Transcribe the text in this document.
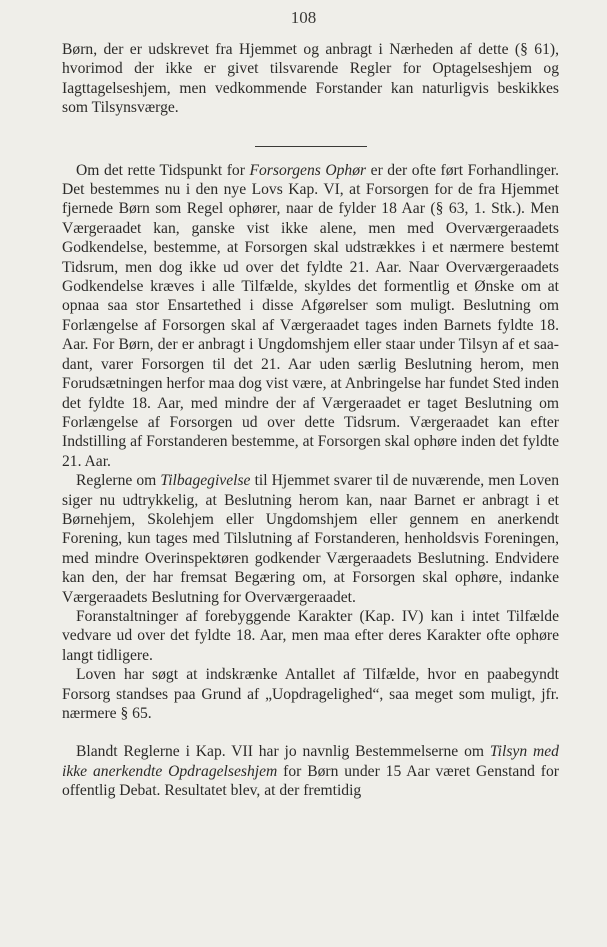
108

Børn, der er udskrevet fra Hjemmet og anbragt i Nærheden af dette (§ 61), hvorimod der ikke er givet tilsvarende Regler for Optagelseshjem og Iagttagelseshjem, men vedkommende Forstander kan naturligvis beskikkes som Tilsynsværge.

Om det rette Tidspunkt for Forsorgens Ophør er der ofte ført Forhandlinger. Det bestemmes nu i den nye Lovs Kap. VI, at Forsorgen for de fra Hjemmet fjernede Børn som Regel ophører, naar de fylder 18 Aar (§ 63, 1. Stk.). Men Værgeraadet kan, ganske vist ikke alene, men med Overværgeraadets Godkendelse, bestemme, at Forsorgen skal udstrækkes i et nærmere bestemt Tidsrum, men dog ikke ud over det fyldte 21. Aar. Naar Overværgeraadets Godkendelse kræves i alle Tilfælde, skyldes det formentlig et Ønske om at opnaa saa stor Ensartethed i disse Afgørelser som muligt. Beslutning om Forlængelse af Forsorgen skal af Værgeraadet tages inden Barnets fyldte 18. Aar. For Børn, der er anbragt i Ungdomshjem eller staar under Tilsyn af et saadant, varer Forsorgen til det 21. Aar uden særlig Beslutning herom, men Forudsætningen herfor maa dog vist være, at Anbringelse har fundet Sted inden det fyldte 18. Aar, med mindre der af Værgeraadet er taget Beslutning om Forlængelse af Forsorgen ud over dette Tidsrum. Værgeraadet kan efter Indstilling af Forstanderen bestemme, at Forsorgen skal ophøre inden det fyldte 21. Aar.

Reglerne om Tilbagegivelse til Hjemmet svarer til de nuværende, men Loven siger nu udtrykkelig, at Beslutning herom kan, naar Barnet er anbragt i et Børnehjem, Skolehjem eller Ungdomshjem eller gennem en anerkendt Forening, kun tages med Tilslutning af Forstanderen, henholdsvis Foreningen, med mindre Overinspektøren godkender Værgeraadets Beslutning. Endvidere kan den, der har fremsat Begæring om, at Forsorgen skal ophøre, indanke Værgeraadets Beslutning for Overværgeraadet.

Foranstaltninger af forebyggende Karakter (Kap. IV) kan i intet Tilfælde vedvare ud over det fyldte 18. Aar, men maa efter deres Karakter ofte ophøre langt tidligere.

Loven har søgt at indskrænke Antallet af Tilfælde, hvor en paabegyndt Forsorg standses paa Grund af „Uopdragelighed“, saa meget som muligt, jfr. nærmere § 65.

Blandt Reglerne i Kap. VII har jo navnlig Bestemmelserne om Tilsyn med ikke anerkendte Opdragelseshjem for Børn under 15 Aar været Genstand for offentlig Debat. Resultatet blev, at der fremtidig
